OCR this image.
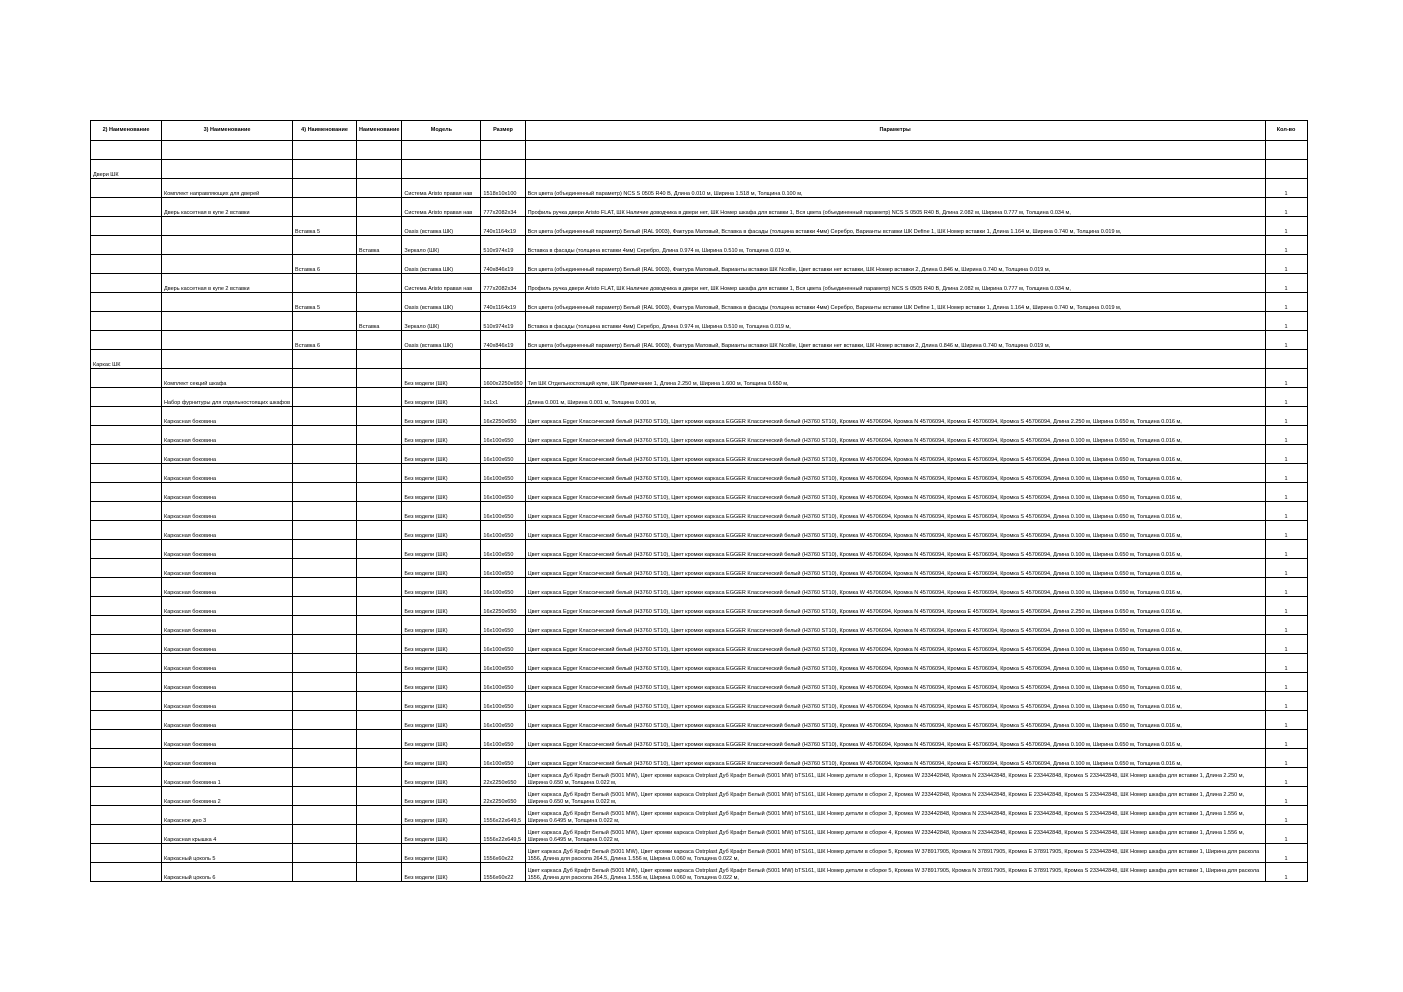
2) Наименование	3) Наименование	4) Наименование	Наименование	Модель	Размер	Параметры	Кол-во

Двери ШК							
	Комплект направляющих для дверей			Система Aristo правая нав	1518x10x100	Вся цвета (объединенный параметр) NCS S 0505 R40 B, Длина 0.010 м, Ширина 1.518 м, Толщина 0.100 м,	1
	Дверь кассетная в купе 2 вставки			Система Aristo правая нав	777x2082x34	Профиль ручка двери Aristo FLAT, ШК Наличие доводчика в двери нет, ШК Номер шкафа для вставки 1, Вся цвета (объединенный параметр) NCS S 0505 R40 B, Длина 2.082 м, Ширина 0.777 м, Толщина 0.034 м,	1
		Вставка 5		Oasis (вставка ШК)	740x1164x19	Вся цвета (объединенный параметр) Белый (RAL 9003), Фактура Матовый, Вставка в фасады (толщина вставки 4мм) Серебро, Варианты вставки ШК Define 1, ШК Номер вставки 1, Длина 1.164 м, Ширина 0.740 м, Толщина 0.019 м,	1
			Вставка	Зеркало (ШК)	510x974x19	Вставка в фасады (толщина вставки 4мм) Серебро, Длина 0.974 м, Ширина 0.510 м, Толщина 0.019 м,	1
		Вставка 6		Oasis (вставка ШК)	740x846x19	Вся цвета (объединенный параметр) Белый (RAL 9003), Фактура Матовый, Варианты вставки ШК Ncollie, Цвет вставки нет вставки, ШК Номер вставки 2, Длина 0.846 м, Ширина 0.740 м, Толщина 0.019 м,	1
	Дверь кассетная в купе 2 вставки			Система Aristo правая нав	777x2082x34	Профиль ручка двери Aristo FLAT, ШК Наличие доводчика в двери нет, ШК Номер шкафа для вставки 1, Вся цвета (объединенный параметр) NCS S 0505 R40 B, Длина 2.082 м, Ширина 0.777 м, Толщина 0.034 м,	1
		Вставка 5		Oasis (вставка ШК)	740x1164x19	Вся цвета (объединенный параметр) Белый (RAL 9003), Фактура Матовый, Вставка в фасады (толщина вставки 4мм) Серебро, Варианты вставки ШК Define 1, ШК Номер вставки 1, Длина 1.164 м, Ширина 0.740 м, Толщина 0.019 м,	1
			Вставка	Зеркало (ШК)	510x974x19	Вставка в фасады (толщина вставки 4мм) Серебро, Длина 0.974 м, Ширина 0.510 м, Толщина 0.019 м,	1
		Вставка 6		Oasis (вставка ШК)	740x846x19	Вся цвета (объединенный параметр) Белый (RAL 9003), Фактура Матовый, Варианты вставки ШК Ncollie, Цвет вставки нет вставки, ШК Номер вставки 2, Длина 0.846 м, Ширина 0.740 м, Толщина 0.019 м,	1
Каркас ШК							
	Комплект секций шкафа			Без модели (ШК)	1600x2250x650	Тип ШК Отдельностоящий купе, ШК Примечание 1, Длина 2.250 м, Ширина 1.600 м, Толщина 0.650 м,	1
	Набор фурнитуры для отдельностоящих шкафов			Без модели (ШК)	1x1x1	Длина 0.001 м, Ширина 0.001 м, Толщина 0.001 м,	1
	Каркасная боковина			Без модели (ШК)	16x2250x650	Цвет каркаса Egger Классический белый (H3760 ST10), Цвет кромки каркаса EGGER Классический белый (H3760 ST10), Кромка W 45706094, Кромка N 45706094, Кромка E 45706094, Кромка S 45706094, Длина 2.250 м, Ширина 0.650 м, Толщина 0.016 м,	1
	Каркасная боковина			Без модели (ШК)	16x100x650	Цвет каркаса Egger Классический белый (H3760 ST10), Цвет кромки каркаса EGGER Классический белый (H3760 ST10), Кромка W 45706094, Кромка N 45706094, Кромка E 45706094, Кромка S 45706094, Длина 0.100 м, Ширина 0.650 м, Толщина 0.016 м,	1
	Каркасная боковина			Без модели (ШК)	16x100x650	Цвет каркаса Egger Классический белый (H3760 ST10), Цвет кромки каркаса EGGER Классический белый (H3760 ST10), Кромка W 45706094, Кромка N 45706094, Кромка E 45706094, Кромка S 45706094, Длина 0.100 м, Ширина 0.650 м, Толщина 0.016 м,	1
	Каркасная боковина			Без модели (ШК)	16x100x650	Цвет каркаса Egger Классический белый (H3760 ST10), Цвет кромки каркаса EGGER Классический белый (H3760 ST10), Кромка W 45706094, Кромка N 45706094, Кромка E 45706094, Кромка S 45706094, Длина 0.100 м, Ширина 0.650 м, Толщина 0.016 м,	1
	Каркасная боковина			Без модели (ШК)	16x100x650	Цвет каркаса Egger Классический белый (H3760 ST10), Цвет кромки каркаса EGGER Классический белый (H3760 ST10), Кромка W 45706094, Кромка N 45706094, Кромка E 45706094, Кромка S 45706094, Длина 0.100 м, Ширина 0.650 м, Толщина 0.016 м,	1
	Каркасная боковина			Без модели (ШК)	16x100x650	Цвет каркаса Egger Классический белый (H3760 ST10), Цвет кромки каркаса EGGER Классический белый (H3760 ST10), Кромка W 45706094, Кромка N 45706094, Кромка E 45706094, Кромка S 45706094, Длина 0.100 м, Ширина 0.650 м, Толщина 0.016 м,	1
	Каркасная боковина			Без модели (ШК)	16x100x650	Цвет каркаса Egger Классический белый (H3760 ST10), Цвет кромки каркаса EGGER Классический белый (H3760 ST10), Кромка W 45706094, Кромка N 45706094, Кромка E 45706094, Кромка S 45706094, Длина 0.100 м, Ширина 0.650 м, Толщина 0.016 м,	1
	Каркасная боковина			Без модели (ШК)	16x100x650	Цвет каркаса Egger Классический белый (H3760 ST10), Цвет кромки каркаса EGGER Классический белый (H3760 ST10), Кромка W 45706094, Кромка N 45706094, Кромка E 45706094, Кромка S 45706094, Длина 0.100 м, Ширина 0.650 м, Толщина 0.016 м,	1
	Каркасная боковина			Без модели (ШК)	16x100x650	Цвет каркаса Egger Классический белый (H3760 ST10), Цвет кромки каркаса EGGER Классический белый (H3760 ST10), Кромка W 45706094, Кромка N 45706094, Кромка E 45706094, Кромка S 45706094, Длина 0.100 м, Ширина 0.650 м, Толщина 0.016 м,	1
	Каркасная боковина			Без модели (ШК)	16x100x650	Цвет каркаса Egger Классический белый (H3760 ST10), Цвет кромки каркаса EGGER Классический белый (H3760 ST10), Кромка W 45706094, Кромка N 45706094, Кромка E 45706094, Кромка S 45706094, Длина 0.100 м, Ширина 0.650 м, Толщина 0.016 м,	1
	Каркасная боковина			Без модели (ШК)	16x2250x650	Цвет каркаса Egger Классический белый (H3760 ST10), Цвет кромки каркаса EGGER Классический белый (H3760 ST10), Кромка W 45706094, Кромка N 45706094, Кромка E 45706094, Кромка S 45706094, Длина 2.250 м, Ширина 0.650 м, Толщина 0.016 м,	1
	Каркасная боковина			Без модели (ШК)	16x100x650	Цвет каркаса Egger Классический белый (H3760 ST10), Цвет кромки каркаса EGGER Классический белый (H3760 ST10), Кромка W 45706094, Кромка N 45706094, Кромка E 45706094, Кромка S 45706094, Длина 0.100 м, Ширина 0.650 м, Толщина 0.016 м,	1
	Каркасная боковина			Без модели (ШК)	16x100x650	Цвет каркаса Egger Классический белый (H3760 ST10), Цвет кромки каркаса EGGER Классический белый (H3760 ST10), Кромка W 45706094, Кромка N 45706094, Кромка E 45706094, Кромка S 45706094, Длина 0.100 м, Ширина 0.650 м, Толщина 0.016 м,	1
	Каркасная боковина			Без модели (ШК)	16x100x650	Цвет каркаса Egger Классический белый (H3760 ST10), Цвет кромки каркаса EGGER Классический белый (H3760 ST10), Кромка W 45706094, Кромка N 45706094, Кромка E 45706094, Кромка S 45706094, Длина 0.100 м, Ширина 0.650 м, Толщина 0.016 м,	1
	Каркасная боковина			Без модели (ШК)	16x100x650	Цвет каркаса Egger Классический белый (H3760 ST10), Цвет кромки каркаса EGGER Классический белый (H3760 ST10), Кромка W 45706094, Кромка N 45706094, Кромка E 45706094, Кромка S 45706094, Длина 0.100 м, Ширина 0.650 м, Толщина 0.016 м,	1
	Каркасная боковина			Без модели (ШК)	16x100x650	Цвет каркаса Egger Классический белый (H3760 ST10), Цвет кромки каркаса EGGER Классический белый (H3760 ST10), Кромка W 45706094, Кромка N 45706094, Кромка E 45706094, Кромка S 45706094, Длина 0.100 м, Ширина 0.650 м, Толщина 0.016 м,	1
	Каркасная боковина			Без модели (ШК)	16x100x650	Цвет каркаса Egger Классический белый (H3760 ST10), Цвет кромки каркаса EGGER Классический белый (H3760 ST10), Кромка W 45706094, Кромка N 45706094, Кромка E 45706094, Кромка S 45706094, Длина 0.100 м, Ширина 0.650 м, Толщина 0.016 м,	1
	Каркасная боковина			Без модели (ШК)	16x100x650	Цвет каркаса Egger Классический белый (H3760 ST10), Цвет кромки каркаса EGGER Классический белый (H3760 ST10), Кромка W 45706094, Кромка N 45706094, Кромка E 45706094, Кромка S 45706094, Длина 0.100 м, Ширина 0.650 м, Толщина 0.016 м,	1
	Каркасная боковина			Без модели (ШК)	16x100x650	Цвет каркаса Egger Классический белый (H3760 ST10), Цвет кромки каркаса EGGER Классический белый (H3760 ST10), Кромка W 45706094, Кромка N 45706094, Кромка E 45706094, Кромка S 45706094, Длина 0.100 м, Ширина 0.650 м, Толщина 0.016 м,	1
	Каркасная боковина 1			Без модели (ШК)	22x2250x650	Цвет каркаса Дуб Крафт Белый (5001 MW), Цвет кромки каркаса Ostrplast Дуб Крафт Белый (5001 MW) bTS161, ШК Номер детали в сборке 1, Кромка W 233442848, Кромка N 233442848, Кромка E 233442848, Кромка S 233442848, ШК Номер шкафа для вставки 1, Длина 2.250 м, Ширина 0.650 м, Толщина 0.022 м,	1
	Каркасная боковина 2			Без модели (ШК)	22x2250x650	Цвет каркаса Дуб Крафт Белый (5001 MW), Цвет кромки каркаса Ostrplast Дуб Крафт Белый (5001 MW) bTS161, ШК Номер детали в сборке 2, Кромка W 233442848, Кромка N 233442848, Кромка E 233442848, Кромка S 233442848, ШК Номер шкафа для вставки 1, Длина 2.250 м, Ширина 0.650 м, Толщина 0.022 м,	1
	Каркасное дно 3			Без модели (ШК)	1556x22x649,5	Цвет каркаса Дуб Крафт Белый (5001 MW), Цвет кромки каркаса Ostrplast Дуб Крафт Белый (5001 MW) bTS161, ШК Номер детали в сборке 3, Кромка W 233442848, Кромка N 233442848, Кромка E 233442848, Кромка S 233442848, ШК Номер шкафа для вставки 1, Длина 1.556 м, Ширина 0.6495 м, Толщина 0.022 м,	1
	Каркасная крышка 4			Без модели (ШК)	1556x22x649,5	Цвет каркаса Дуб Крафт Белый (5001 MW), Цвет кромки каркаса Ostrplast Дуб Крафт Белый (5001 MW) bTS161, ШК Номер детали в сборке 4, Кромка W 233442848, Кромка N 233442848, Кромка E 233442848, Кромка S 233442848, ШК Номер шкафа для вставки 1, Длина 1.556 м, Ширина 0.6495 м, Толщина 0.022 м,	1
	Каркасный цоколь 5			Без модели (ШК)	1556x60x22	Цвет каркаса Дуб Крафт Белый (5001 MW), Цвет кромки каркаса Ostrplast Дуб Крафт Белый (5001 MW) bTS161, ШК Номер детали в сборке 5, Кромка W 378917905, Кромка N 378917905, Кромка E 378917905, Кромка S 233442848, ШК Номер шкафа для вставки 1, Ширина для раскола 1556, Длина для раскола 264.5, Длина 1.556 м, Ширина 0.060 м, Толщина 0.022 м,	1
	Каркасный цоколь 6			Без модели (ШК)	1556x60x22	Цвет каркаса Дуб Крафт Белый (5001 MW), Цвет кромки каркаса Ostrplast Дуб Крафт Белый (5001 MW) bTS161, ШК Номер детали в сборке 5, Кромка W 378917905, Кромка N 378917905, Кромка E 378917905, Кромка S 233442848, ШК Номер шкафа для вставки 1, Ширина для раскола 1556, Длина для раскола 264.5, Длина 1.556 м, Ширина 0.060 м, Толщина 0.022 м,	1
